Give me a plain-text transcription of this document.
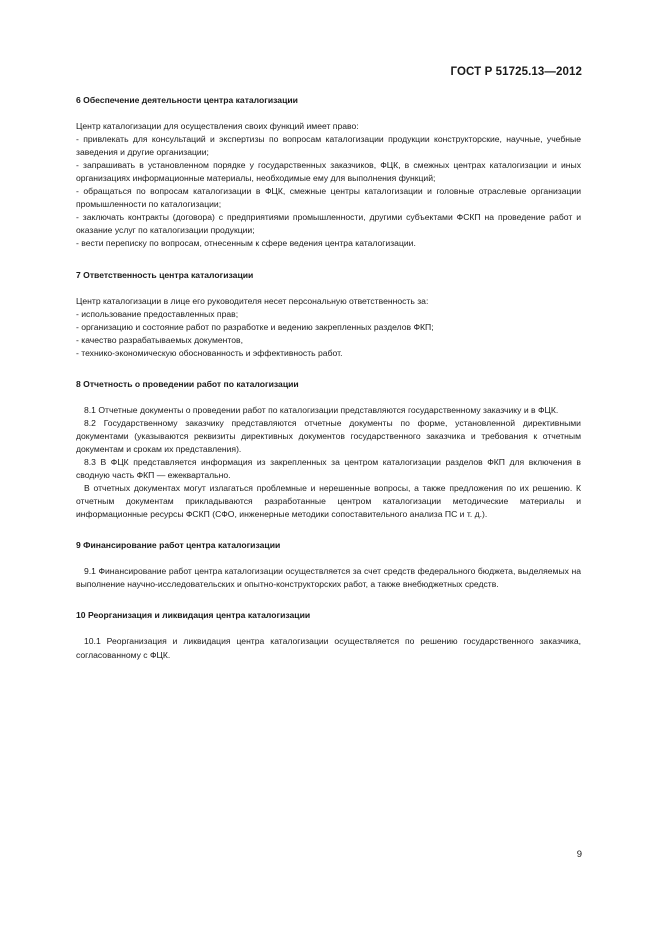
ГОСТ Р 51725.13—2012
6 Обеспечение деятельности центра каталогизации

Центр каталогизации для осуществления своих функций имеет право:

- привлекать для консультаций и экспертизы по вопросам каталогизации продукции конструкторские, научные, учебные заведения и другие организации;

- запрашивать в установленном порядке у государственных заказчиков, ФЦК, в смежных центрах каталогизации и иных организациях информационные материалы, необходимые ему для выполнения функций;

- обращаться по вопросам каталогизации в ФЦК, смежные центры каталогизации и головные отраслевые организации промышленности по каталогизации;

- заключать контракты (договора) с предприятиями промышленности, другими субъектами ФСКП на проведение работ и оказание услуг по каталогизации продукции;

- вести переписку по вопросам, отнесенным к сфере ведения центра каталогизации.

7 Ответственность центра каталогизации

Центр каталогизации в лице его руководителя несет персональную ответственность за:

- использование предоставленных прав;

- организацию и состояние работ по разработке и ведению закрепленных разделов ФКП;

- качество разрабатываемых документов,

- технико-экономическую обоснованность и эффективность работ.

8 Отчетность о проведении работ по каталогизации

8.1 Отчетные документы о проведении работ по каталогизации представляются государственному заказчику и в ФЦК.

8.2 Государственному заказчику представляются отчетные документы по форме, установленной директивными документами (указываются реквизиты директивных документов государственного заказчика и требования к отчетным документам и срокам их представления).

8.3 В ФЦК представляется информация из закрепленных за центром каталогизации разделов ФКП для включения в сводную часть ФКП — ежеквартально.

В отчетных документах могут излагаться проблемные и нерешенные вопросы, а также предложения по их решению. К отчетным документам прикладываются разработанные центром каталогизации методические материалы и информационные ресурсы ФСКП (СФО, инженерные методики сопоставительного анализа ПС и т. д.).

9 Финансирование работ центра каталогизации

9.1 Финансирование работ центра каталогизации осуществляется за счет средств федерального бюджета, выделяемых на выполнение научно-исследовательских и опытно-конструкторских работ, а также внебюджетных средств.

10 Реорганизация и ликвидация центра каталогизации

10.1 Реорганизация и ликвидация центра каталогизации осуществляется по решению государственного заказчика, согласованному с ФЦК.

9
